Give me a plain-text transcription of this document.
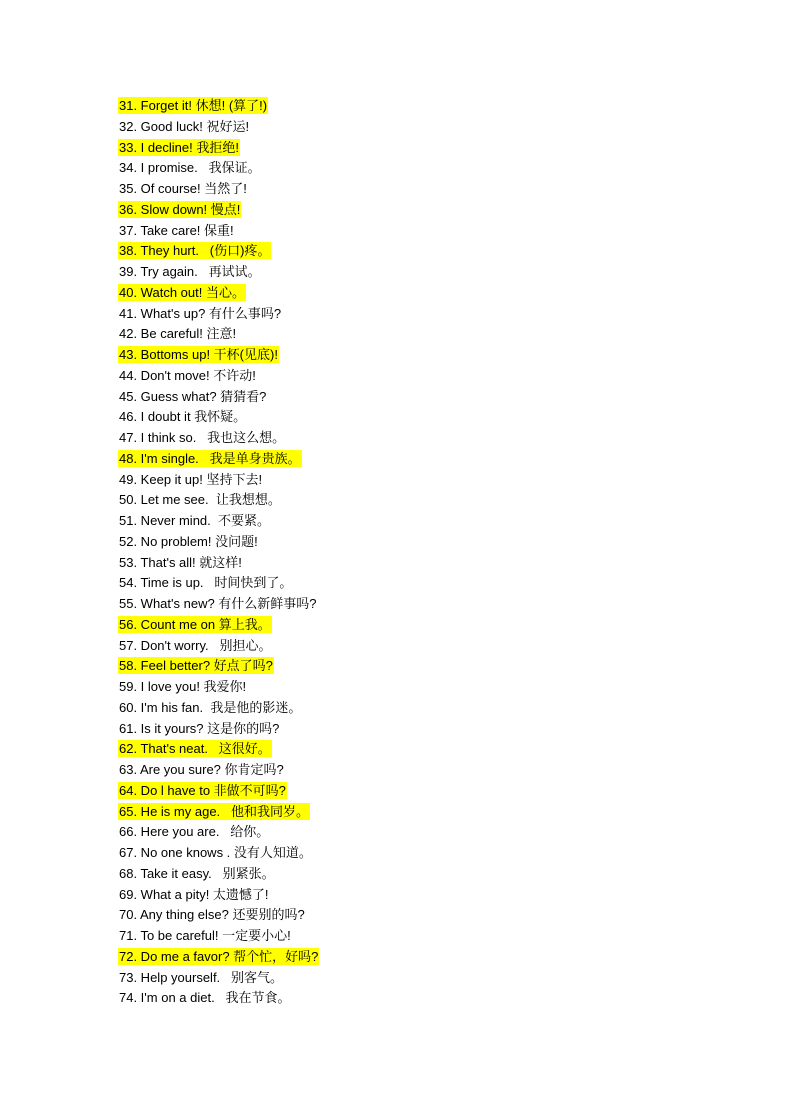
31. Forget it! 休想! (算了!)
32. Good luck! 祝好运!
33. I decline! 我拒绝!
34. I promise.   我保证。
35. Of course! 当然了!
36. Slow down! 慢点!
37. Take care! 保重!
38. They hurt.   (伤口)疼。
39. Try again.   再试试。
40. Watch out! 当心。
41. What's up? 有什么事吗?
42. Be careful! 注意!
43. Bottoms up! 干杯(见底)!
44. Don't move! 不许动!
45. Guess what? 猜猜看?
46. I doubt it 我怀疑。
47. I think so.   我也这么想。
48. I'm single.   我是单身贵族。
49. Keep it up! 坚持下去!
50. Let me see.  让我想想。
51. Never mind.  不要紧。
52. No problem! 没问题!
53. That's all! 就这样!
54. Time is up.   时间快到了。
55. What's new? 有什么新鲜事吗?
56. Count me on 算上我。
57. Don't worry.   别担心。
58. Feel better? 好点了吗?
59. I love you! 我爱你!
60. I'm his fan.  我是他的影迷。
61. Is it yours? 这是你的吗?
62. That's neat.   这很好。
63. Are you sure? 你肯定吗?
64. Do l have to 非做不可吗?
65. He is my age.   他和我同岁。
66. Here you are.   给你。
67. No one knows . 没有人知道。
68. Take it easy.   别紧张。
69. What a pity! 太遗憾了!
70. Any thing else? 还要别的吗?
71. To be careful! 一定要小心!
72. Do me a favor? 帮个忙，好吗?
73. Help yourself.   别客气。
74. I'm on a diet.   我在节食。
